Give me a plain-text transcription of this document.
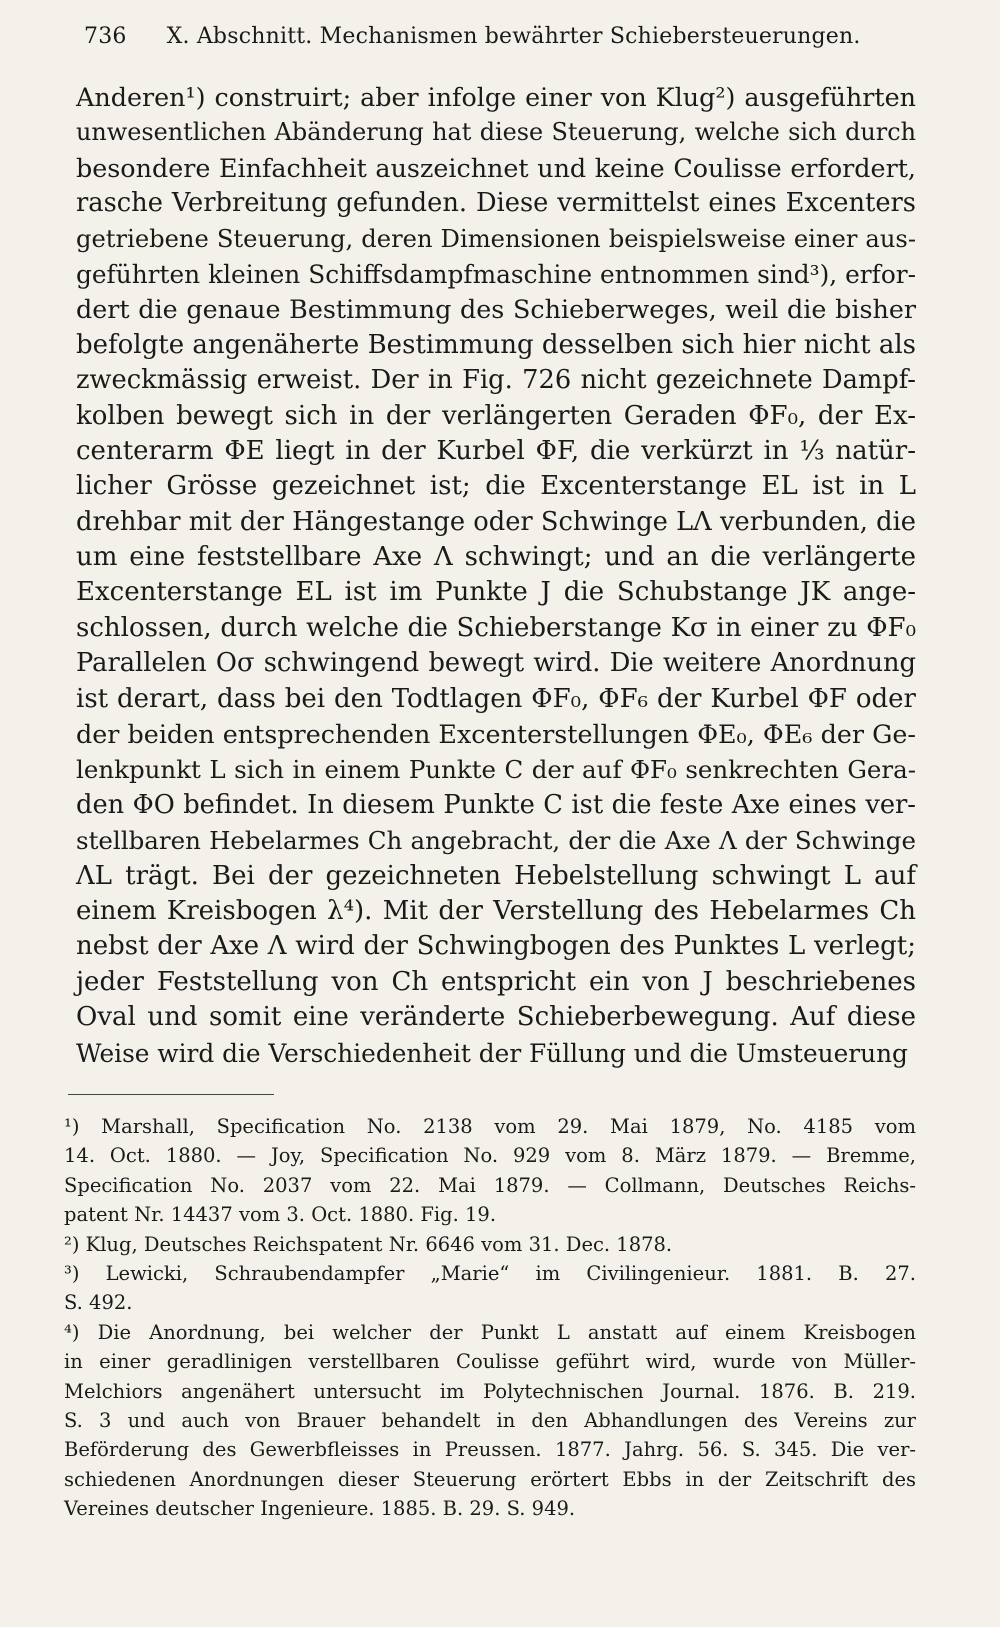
736 X. Abschnitt. Mechanismen bewährter Schiebersteuerungen.
Anderen¹) construirt; aber infolge einer von Klug²) ausgeführten
unwesentlichen Abänderung hat diese Steuerung, welche sich durch
besondere Einfachheit auszeichnet und keine Coulisse erfordert,
rasche Verbreitung gefunden. Diese vermittelst eines Excenters
getriebene Steuerung, deren Dimensionen beispielsweise einer aus-
geführten kleinen Schiffsdampfmaschine entnommen sind³), erfor-
dert die genaue Bestimmung des Schieberweges, weil die bisher
befolgte angenäherte Bestimmung desselben sich hier nicht als
zweckmässig erweist. Der in Fig. 726 nicht gezeichnete Dampf-
kolben bewegt sich in der verlängerten Geraden ΦF₀, der Ex-
centerarm ΦE liegt in der Kurbel ΦF, die verkürzt in ⅓ natür-
licher Grösse gezeichnet ist; die Excenterstange EL ist in L
drehbar mit der Hängestange oder Schwinge LΛ verbunden, die
um eine feststellbare Axe Λ schwingt; und an die verlängerte
Excenterstange EL ist im Punkte J die Schubstange JK ange-
schlossen, durch welche die Schieberstange Kσ in einer zu ΦF₀
Parallelen Oσ schwingend bewegt wird. Die weitere Anordnung
ist derart, dass bei den Todtlagen ΦF₀, ΦF₆ der Kurbel ΦF oder
der beiden entsprechenden Excenterstellungen ΦE₀, ΦE₆ der Ge-
lenkpunkt L sich in einem Punkte C der auf ΦF₀ senkrechten Gera-
den ΦO befindet. In diesem Punkte C ist die feste Axe eines ver-
stellbaren Hebelarmes Ch angebracht, der die Axe Λ der Schwinge
ΛL trägt. Bei der gezeichneten Hebelstellung schwingt L auf
einem Kreisbogen λ⁴). Mit der Verstellung des Hebelarmes Ch
nebst der Axe Λ wird der Schwingbogen des Punktes L verlegt;
jeder Feststellung von Ch entspricht ein von J beschriebenes
Oval und somit eine veränderte Schieberbewegung. Auf diese
Weise wird die Verschiedenheit der Füllung und die Umsteuerung
¹) Marshall, Specification No. 2138 vom 29. Mai 1879, No. 4185 vom
14. Oct. 1880. — Joy, Specification No. 929 vom 8. März 1879. — Bremme,
Specification No. 2037 vom 22. Mai 1879. — Collmann, Deutsches Reichs-
patent Nr. 14437 vom 3. Oct. 1880. Fig. 19.
²) Klug, Deutsches Reichspatent Nr. 6646 vom 31. Dec. 1878.
³) Lewicki, Schraubendampfer „Marie“ im Civilingenieur. 1881. B. 27.
S. 492.
⁴) Die Anordnung, bei welcher der Punkt L anstatt auf einem Kreisbogen
in einer geradlinigen verstellbaren Coulisse geführt wird, wurde von Müller-
Melchiors angenähert untersucht im Polytechnischen Journal. 1876. B. 219.
S. 3 und auch von Brauer behandelt in den Abhandlungen des Vereins zur
Beförderung des Gewerbfleisses in Preussen. 1877. Jahrg. 56. S. 345. Die ver-
schiedenen Anordnungen dieser Steuerung erörtert Ebbs in der Zeitschrift des
Vereines deutscher Ingenieure. 1885. B. 29. S. 949.
